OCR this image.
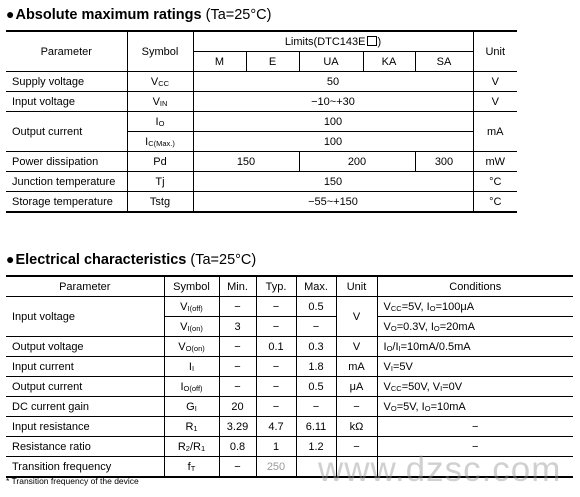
●Absolute maximum ratings (Ta=25°C)
Parameter	Symbol	Limits(DTC143E )					Unit
		M	E	UA	KA	SA	
Supply voltage	VCC	50					V
Input voltage	VIN	−10~+30					V
Output current	IO	100					mA
	IC(Max.)	100					
Power dissipation	Pd	150		200		300	mW
Junction temperature	Tj	150					°C
Storage temperature	Tstg	−55~+150					°C
●Electrical characteristics (Ta=25°C)
Parameter	Symbol	Min.	Typ.	Max.	Unit	Conditions
Input voltage	VI(off)	−	−	0.5	V	VCC=5V, IO=100μA
	VI(on)	3	−	−		VO=0.3V, IO=20mA
Output voltage	VO(on)	−	0.1	0.3	V	IO/II=10mA/0.5mA
Input current	II	−	−	1.8	mA	VI=5V
Output current	IO(off)	−	−	0.5	μA	VCC=50V, VI=0V
DC current gain	GI	20	−	−	−	VO=5V, IO=10mA
Input resistance	R1	3.29	4.7	6.11	kΩ	−
Resistance ratio	R2/R1	0.8	1	1.2	−	−
Transition frequency	fT	−	250			
* Transition frequency of the device	www.dzsc.com
